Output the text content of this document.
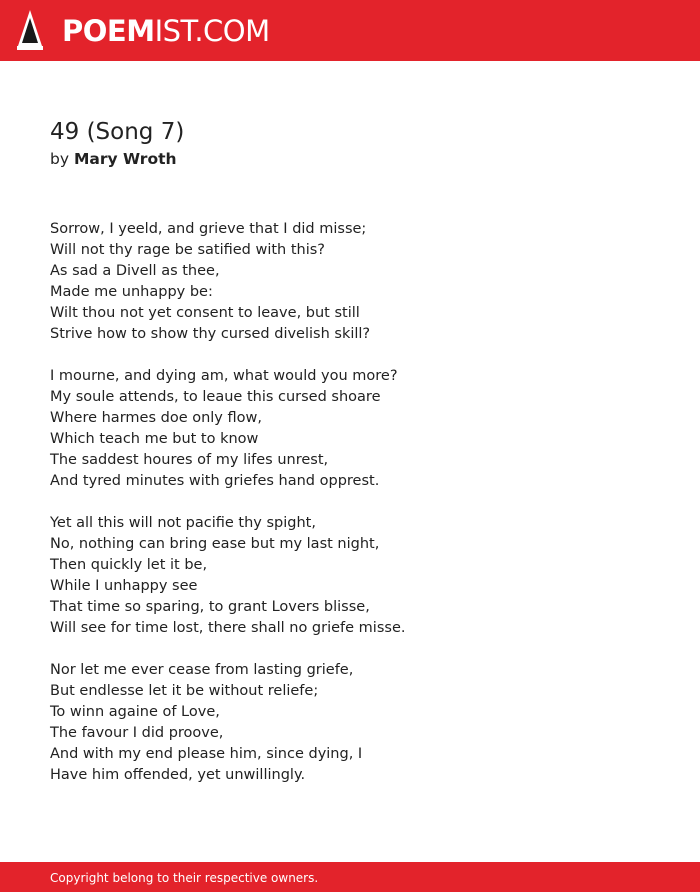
POEMIST.COM
49 (Song 7)
by Mary Wroth
Sorrow, I yeeld, and grieve that I did misse;
Will not thy rage be satified with this?
As sad a Divell as thee,
Made me unhappy be:
Wilt thou not yet consent to leave, but still
Strive how to show thy cursed divelish skill?
I mourne, and dying am, what would you more?
My soule attends, to leaue this cursed shoare
Where harmes doe only flow,
Which teach me but to know
The saddest houres of my lifes unrest,
And tyred minutes with griefes hand opprest.
Yet all this will not pacifie thy spight,
No, nothing can bring ease but my last night,
Then quickly let it be,
While I unhappy see
That time so sparing, to grant Lovers blisse,
Will see for time lost, there shall no griefe misse.
Nor let me ever cease from lasting griefe,
But endlesse let it be without reliefe;
To winn againe of Love,
The favour I did proove,
And with my end please him, since dying, I
Have him offended, yet unwillingly.
Copyright belong to their respective owners.
